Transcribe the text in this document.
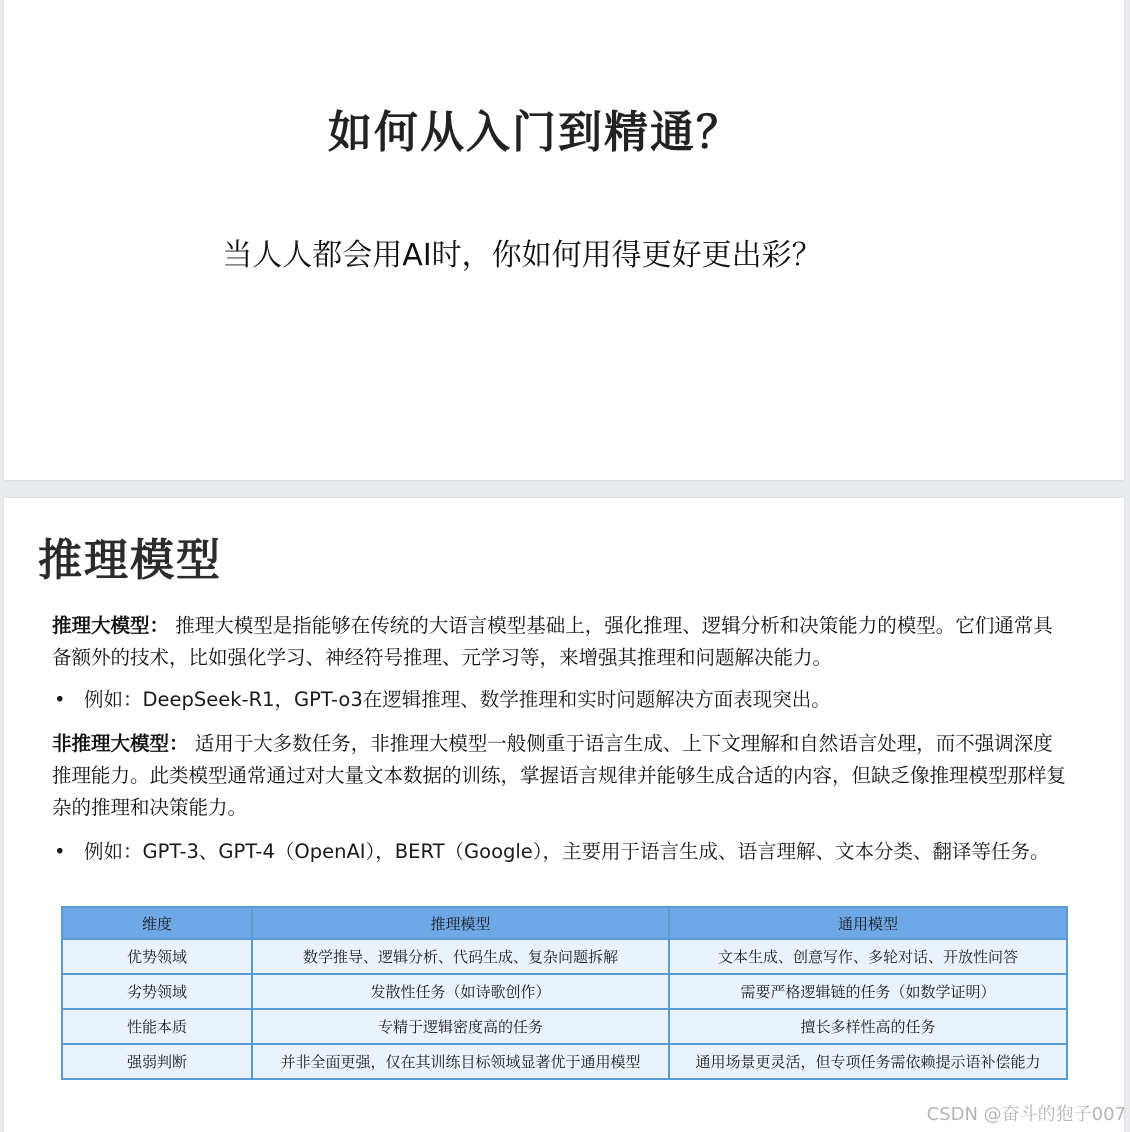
如何从入门到精通？
当人人都会用AI时，你如何用得更好更出彩？
推理模型
推理大模型： 推理大模型是指能够在传统的大语言模型基础上，强化推理、逻辑分析和决策能力的模型。它们通常具备额外的技术，比如强化学习、神经符号推理、元学习等，来增强其推理和问题解决能力。
• 例如：DeepSeek-R1，GPT-o3在逻辑推理、数学推理和实时问题解决方面表现突出。
非推理大模型： 适用于大多数任务，非推理大模型一般侧重于语言生成、上下文理解和自然语言处理，而不强调深度推理能力。此类模型通常通过对大量文本数据的训练，掌握语言规律并能够生成合适的内容，但缺乏像推理模型那样复杂的推理和决策能力。
• 例如：GPT-3、GPT-4（OpenAI），BERT（Google），主要用于语言生成、语言理解、文本分类、翻译等任务。
维度	推理模型	通用模型
优势领域	数学推导、逻辑分析、代码生成、复杂问题拆解	文本生成、创意写作、多轮对话、开放性问答
劣势领域	发散性任务（如诗歌创作）	需要严格逻辑链的任务（如数学证明）
性能本质	专精于逻辑密度高的任务	擅长多样性高的任务
强弱判断	并非全面更强，仅在其训练目标领域显著优于通用模型	通用场景更灵活，但专项任务需依赖提示语补偿能力
CSDN @奋斗的狍子007
